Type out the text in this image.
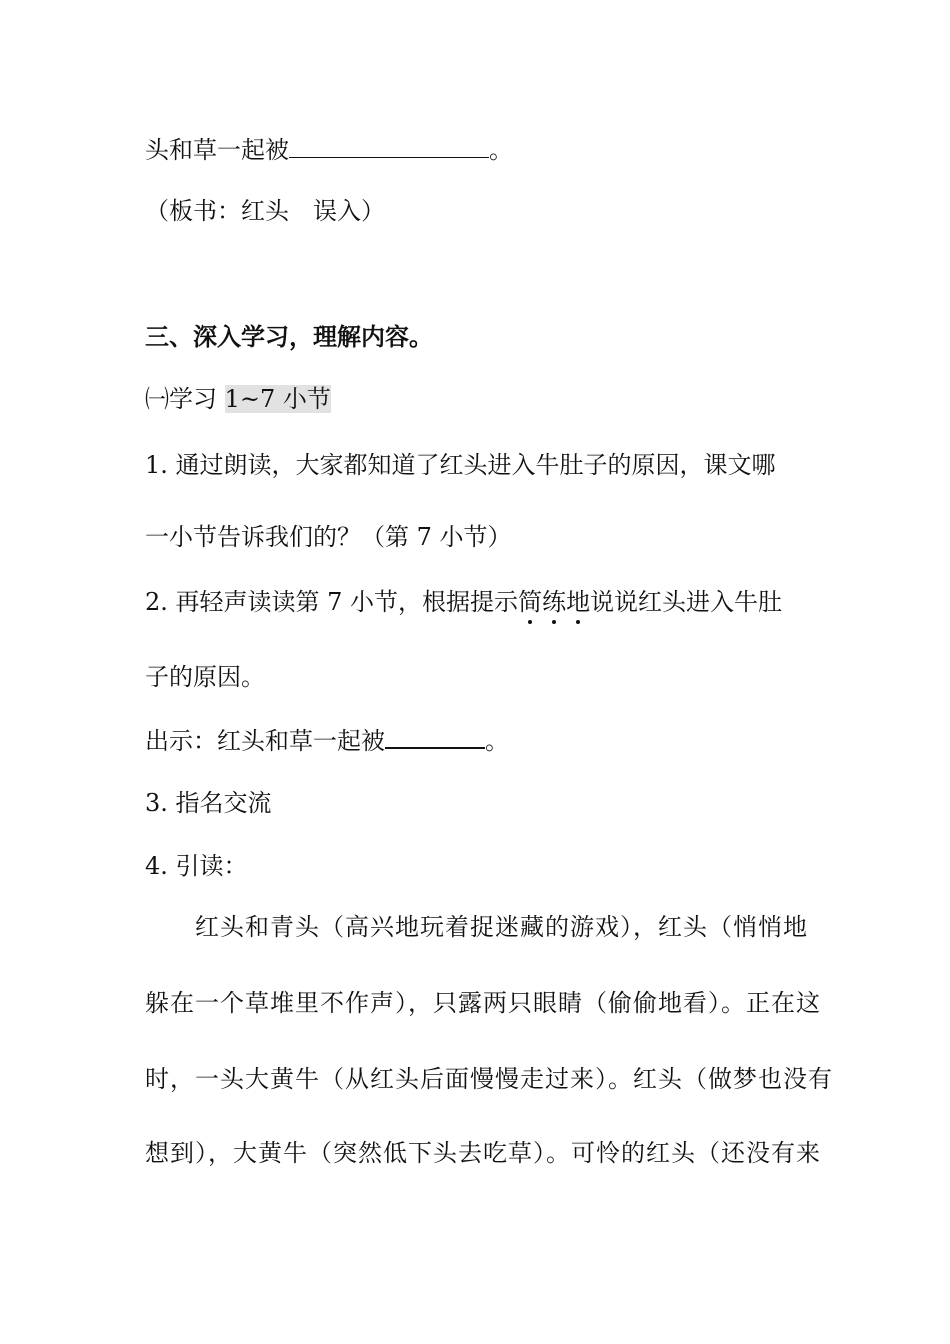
头和草一起被	。
（板书：红头　误入）
三、深入学习，理解内容。
㈠学习 1~7 小节
1. 通过朗读，大家都知道了红头进入牛肚子的原因，课文哪
一小节告诉我们的？（第 7 小节）
2. 再轻声读读第 7 小节，根据提示简练地说说红头进入牛肚
子的原因。
出示：红头和草一起被	。
3. 指名交流
4. 引读：
　　红头和青头（高兴地玩着捉迷藏的游戏），红头（悄悄地
躲在一个草堆里不作声），只露两只眼睛（偷偷地看）。正在这
时，一头大黄牛（从红头后面慢慢走过来）。红头（做梦也没有
想到），大黄牛（突然低下头去吃草）。可怜的红头（还没有来
